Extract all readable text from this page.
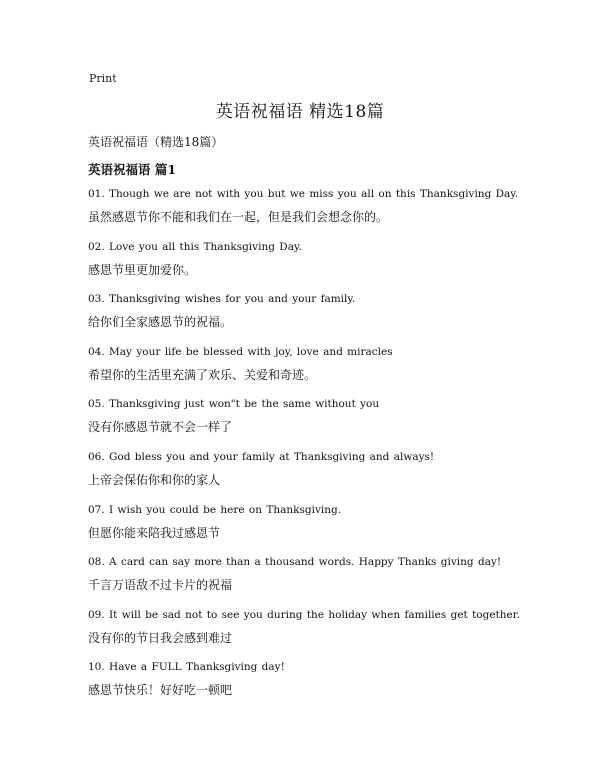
Print
英语祝福语 精选18篇
英语祝福语（精选18篇）
英语祝福语 篇1
01. Though we are not with you but we miss you all on this Thanksgiving Day.
虽然感恩节你不能和我们在一起，但是我们会想念你的。
02. Love you all this Thanksgiving Day.
感恩节里更加爱你。
03. Thanksgiving wishes for you and your family.
给你们全家感恩节的祝福。
04. May your life be blessed with joy, love and miracles
希望你的生活里充满了欢乐、关爱和奇迹。
05. Thanksgiving just won"t be the same without you
没有你感恩节就不会一样了
06. God bless you and your family at Thanksgiving and always!
上帝会保佑你和你的家人
07. I wish you could be here on Thanksgiving.
但愿你能来陪我过感恩节
08. A card can say more than a thousand words. Happy Thanks giving day!
千言万语敌不过卡片的祝福
09. It will be sad not to see you during the holiday when families get together.
没有你的节日我会感到难过
10. Have a FULL Thanksgiving day!
感恩节快乐！好好吃一顿吧
